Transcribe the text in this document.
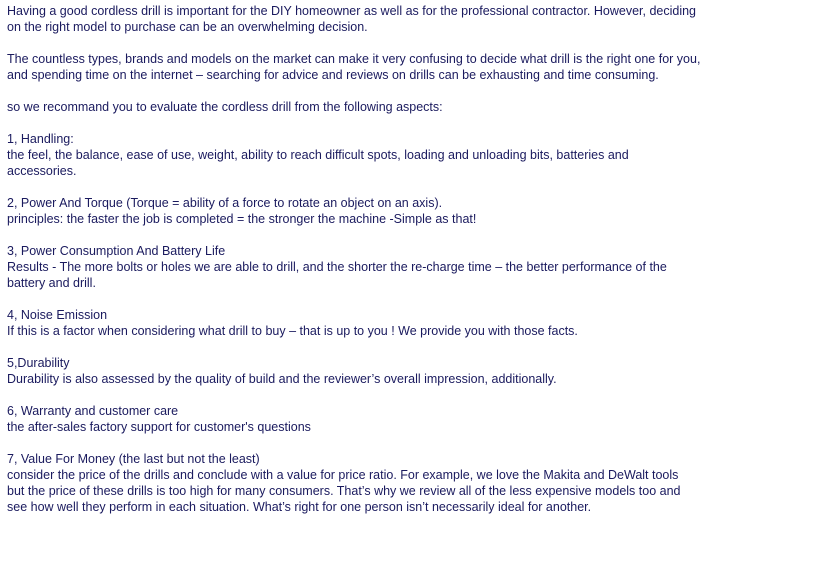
Having a good cordless drill is important for the DIY homeowner as well as for the professional contractor. However, deciding

on the right model to purchase can be an overwhelming decision.

The countless types, brands and models on the market can make it very confusing to decide what drill is the right one for you,

and spending time on the internet – searching for advice and reviews on drills can be exhausting and time consuming.

so we recommand you to evaluate the cordless drill from the following aspects:

1, Handling:

the feel, the balance, ease of use, weight, ability to reach difficult spots, loading and unloading bits, batteries and

accessories.

2, Power And Torque (Torque = ability of a force to rotate an object on an axis).

principles: the faster the job is completed = the stronger the machine -Simple as that!

3, Power Consumption And Battery Life

Results - The more bolts or holes we are able to drill, and the shorter the re-charge time – the better performance of the

battery and drill.

4, Noise Emission

If this is a factor when considering what drill to buy – that is up to you ! We provide you with those facts.

5,Durability

Durability is also assessed by the quality of build and the reviewer’s overall impression, additionally.

6, Warranty and customer care

the after-sales factory support for customer's questions

7, Value For Money (the last but not the least)

consider the price of the drills and conclude with a value for price ratio. For example, we love the Makita and DeWalt tools

but the price of these drills is too high for many consumers. That’s why we review all of the less expensive models too and

see how well they perform in each situation. What’s right for one person isn’t necessarily ideal for another.
